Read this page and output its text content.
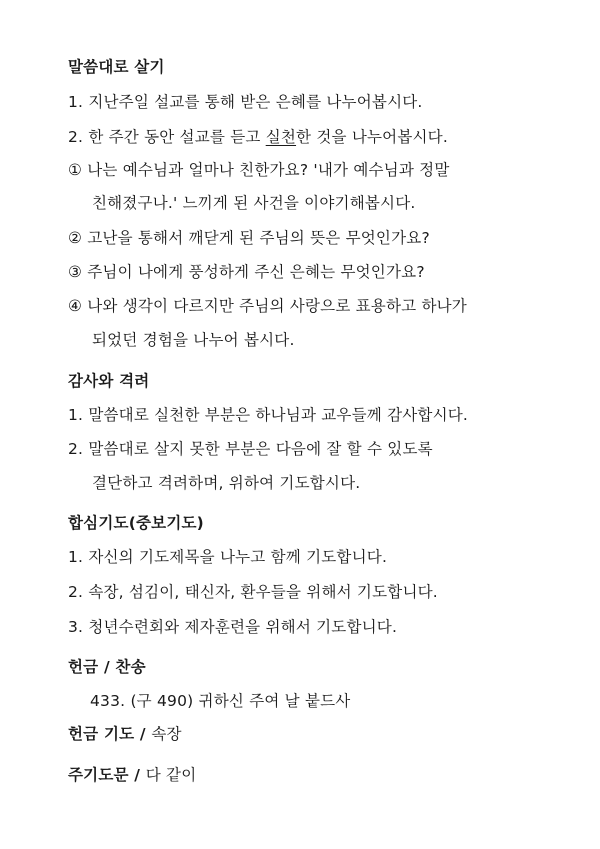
말씀대로 살기
1. 지난주일 설교를 통해 받은 은혜를 나누어봅시다.
2. 한 주간 동안 설교를 듣고 실천한 것을 나누어봅시다.
① 나는 예수님과 얼마나 친한가요? '내가 예수님과 정말
친해졌구나.' 느끼게 된 사건을 이야기해봅시다.
② 고난을 통해서 깨닫게 된 주님의 뜻은 무엇인가요?
③ 주님이 나에게 풍성하게 주신 은혜는 무엇인가요?
④ 나와 생각이 다르지만 주님의 사랑으로 표용하고 하나가
되었던 경험을 나누어 봅시다.
감사와 격려
1. 말씀대로 실천한 부분은 하나님과 교우들께 감사합시다.
2. 말씀대로 살지 못한 부분은 다음에 잘 할 수 있도록
결단하고 격려하며, 위하여 기도합시다.
합심기도(중보기도)
1. 자신의 기도제목을 나누고 함께 기도합니다.
2. 속장, 섬김이, 태신자, 환우들을 위해서 기도합니다.
3. 청년수련회와 제자훈련을 위해서 기도합니다.
헌금 / 찬송
433. (구 490) 귀하신 주여 날 붙드사
헌금 기도 / 속장
주기도문 / 다 같이
